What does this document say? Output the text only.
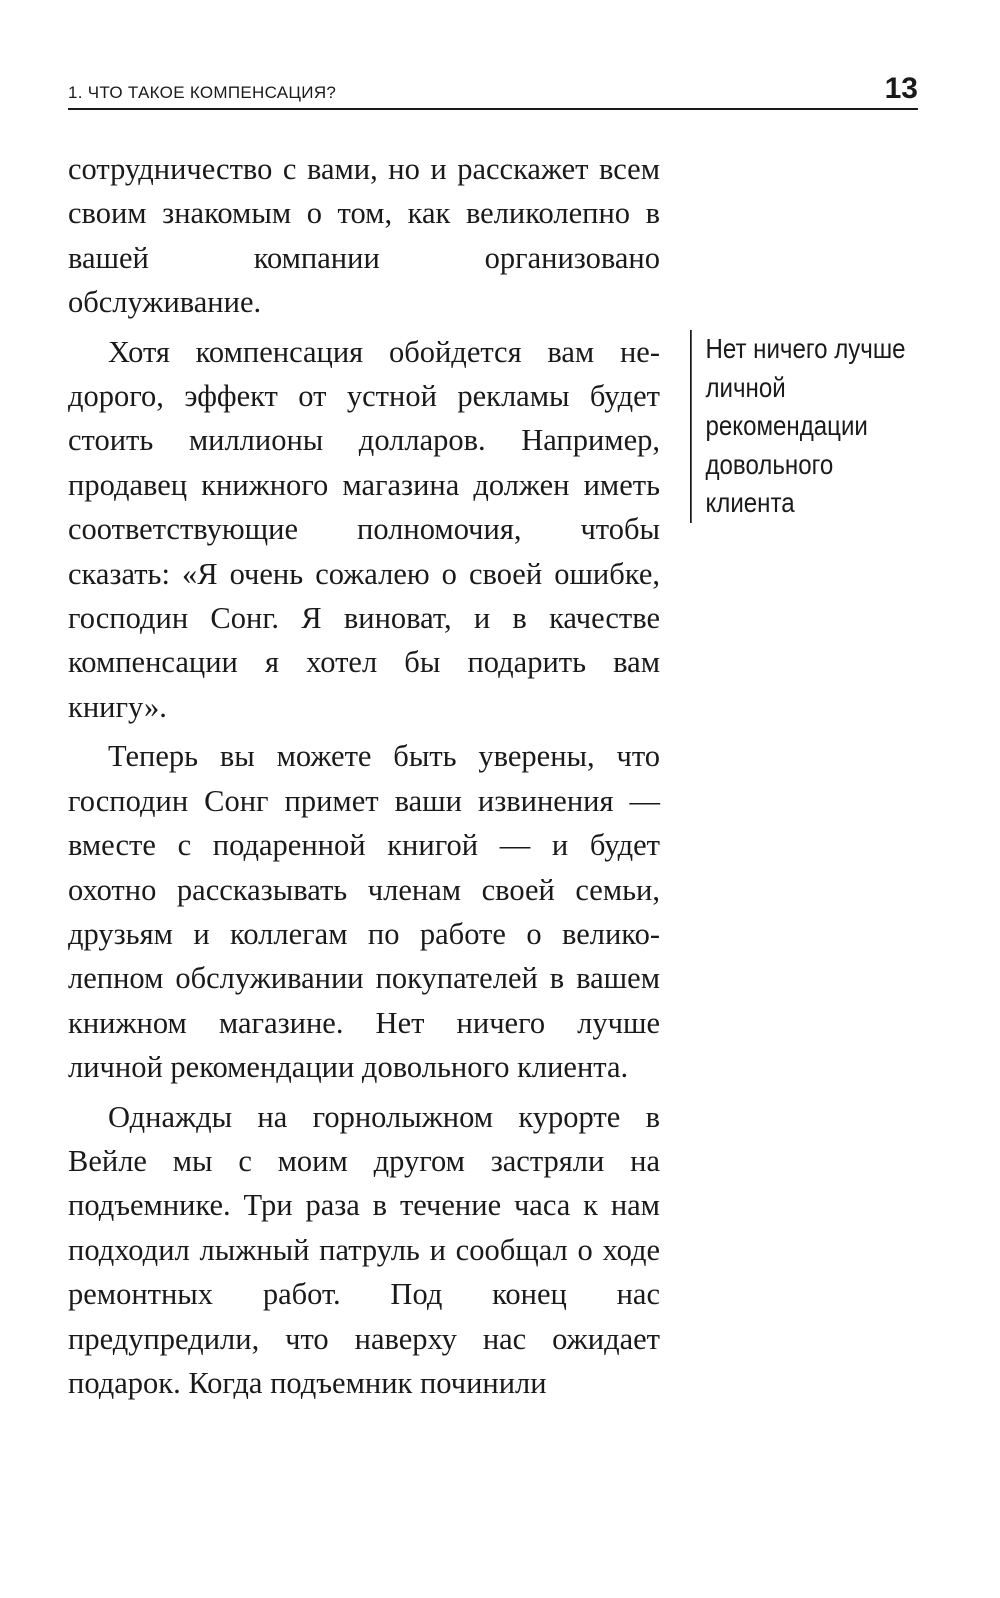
1. ЧТО ТАКОЕ КОМПЕНСАЦИЯ?	13

сотрудничество с вами, но и расскажет всем своим знакомым о том, как великолепно в вашей компании организовано обслуживание.

Хотя компенсация обойдется вам недорого, эффект от устной рекламы будет стоить миллионы долларов. Например, продавец книжного магазина должен иметь соответствующие полномочия, чтобы сказать: «Я очень сожалею о своей ошибке, господин Сонг. Я виноват, и в качестве компенсации я хотел бы подарить вам книгу».

Теперь вы можете быть уверены, что господин Сонг примет ваши извинения — вместе с подаренной книгой — и будет охотно рассказывать членам своей семьи, друзьям и коллегам по работе о великолепном обслуживании покупателей в вашем книжном магазине. Нет ничего лучше личной рекомендации довольного клиента.

Однажды на горнолыжном курорте в Вейле мы с моим другом застряли на подъемнике. Три раза в течение часа к нам подходил лыжный патруль и сообщал о ходе ремонтных работ. Под конец нас предупредили, что наверху нас ожидает подарок. Когда подъемник починили

Нет ничего лучше личной рекомендации довольного клиента
